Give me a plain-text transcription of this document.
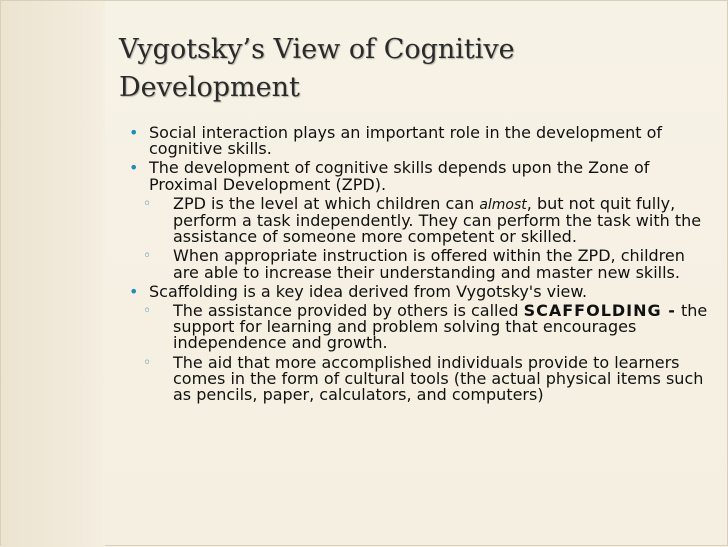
Vygotsky’s View of Cognitive
Development
• Social interaction plays an important role in the development of cognitive skills.
• The development of cognitive skills depends upon the Zone of Proximal Development (ZPD).
◦ ZPD is the level at which children can almost, but not quit fully, perform a task independently. They can perform the task with the assistance of someone more competent or skilled.
◦ When appropriate instruction is offered within the ZPD, children are able to increase their understanding and master new skills.
• Scaffolding is a key idea derived from Vygotsky's view.
◦ The assistance provided by others is called SCAFFOLDING - the support for learning and problem solving that encourages independence and growth.
◦ The aid that more accomplished individuals provide to learners comes in the form of cultural tools (the actual physical items such as pencils, paper, calculators, and computers)
